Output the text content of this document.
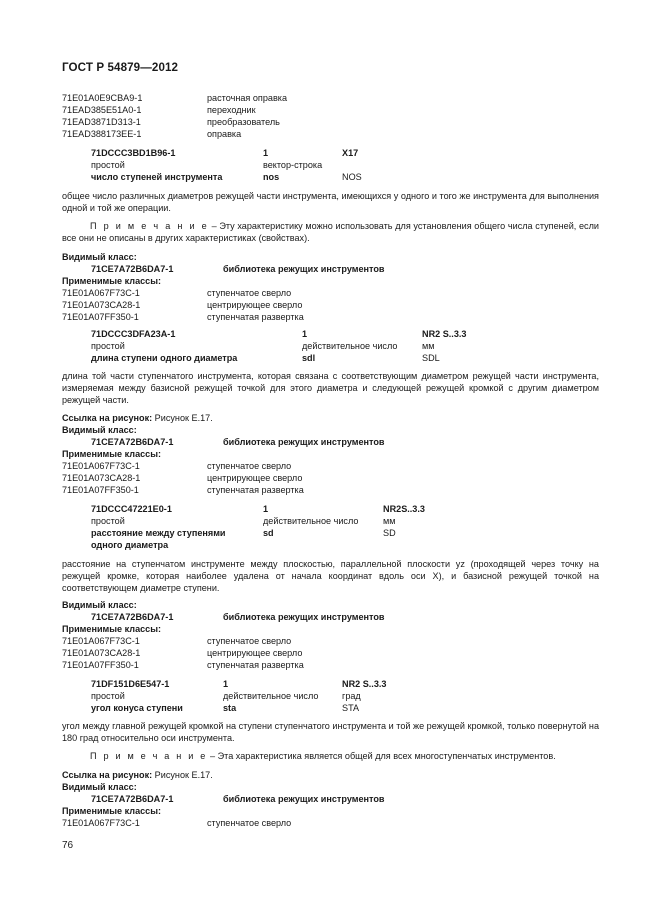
ГОСТ Р 54879—2012
71E01A0E9CBA9-1	расточная оправка
71EAD385E51A0-1	переходник
71EAD3871D313-1	преобразователь
71EAD388173EE-1	оправка
71DCCC3BD1B96-1	1	X17
простой	вектор-строка
число ступеней инструмента	nos	NOS
общее число различных диаметров режущей части инструмента, имеющихся у одного и того же инструмента для выполнения одной и той же операции.
П р и м е ч а н и е – Эту характеристику можно использовать для установления общего числа ступеней, если все они не описаны в других характеристиках (свойствах).
Видимый класс:
71CE7A72B6DA7-1	библиотека режущих инструментов
Применимые классы:
71E01A067F73C-1	ступенчатое сверло
71E01A073CA28-1	центрирующее сверло
71E01A07FF350-1	ступенчатая развертка
71DCCC3DFA23A-1	1	NR2 S..3.3
простой	действительное число	мм
длина ступени одного диаметра	sdl	SDL
длина той части ступенчатого инструмента, которая связана с соответствующим диаметром режущей части инструмента, измеряемая между базисной режущей точкой для этого диаметра и следующей режущей кромкой с другим диаметром режущей части.
Ссылка на рисунок: Рисунок Е.17.
Видимый класс:
71CE7A72B6DA7-1	библиотека режущих инструментов
Применимые классы:
71E01A067F73C-1	ступенчатое сверло
71E01A073CA28-1	центрирующее сверло
71E01A07FF350-1	ступенчатая развертка
71DCCC47221E0-1	1	NR2S..3.3
простой	действительное число	мм
расстояние между ступенями	sd	SD
одного диаметра
расстояние на ступенчатом инструменте между плоскостью, параллельной плоскости yz (проходящей через точку на режущей кромке, которая наиболее удалена от начала координат вдоль оси X), и базисной режущей точкой на соответствующем диаметре ступени.
Видимый класс:
71CE7A72B6DA7-1	библиотека режущих инструментов
Применимые классы:
71E01A067F73C-1	ступенчатое сверло
71E01A073CA28-1	центрирующее сверло
71E01A07FF350-1	ступенчатая развертка
71DF151D6E547-1	1	NR2 S..3.3
простой	действительное число	град
угол конуса ступени	sta	STA
угол между главной режущей кромкой на ступени ступенчатого инструмента и той же режущей кромкой, только повернутой на 180 град относительно оси инструмента.
П р и м е ч а н и е – Эта характеристика является общей для всех многоступенчатых инструментов.
Ссылка на рисунок: Рисунок Е.17.
Видимый класс:
71CE7A72B6DA7-1	библиотека режущих инструментов
Применимые классы:
71E01A067F73C-1	ступенчатое сверло
76
